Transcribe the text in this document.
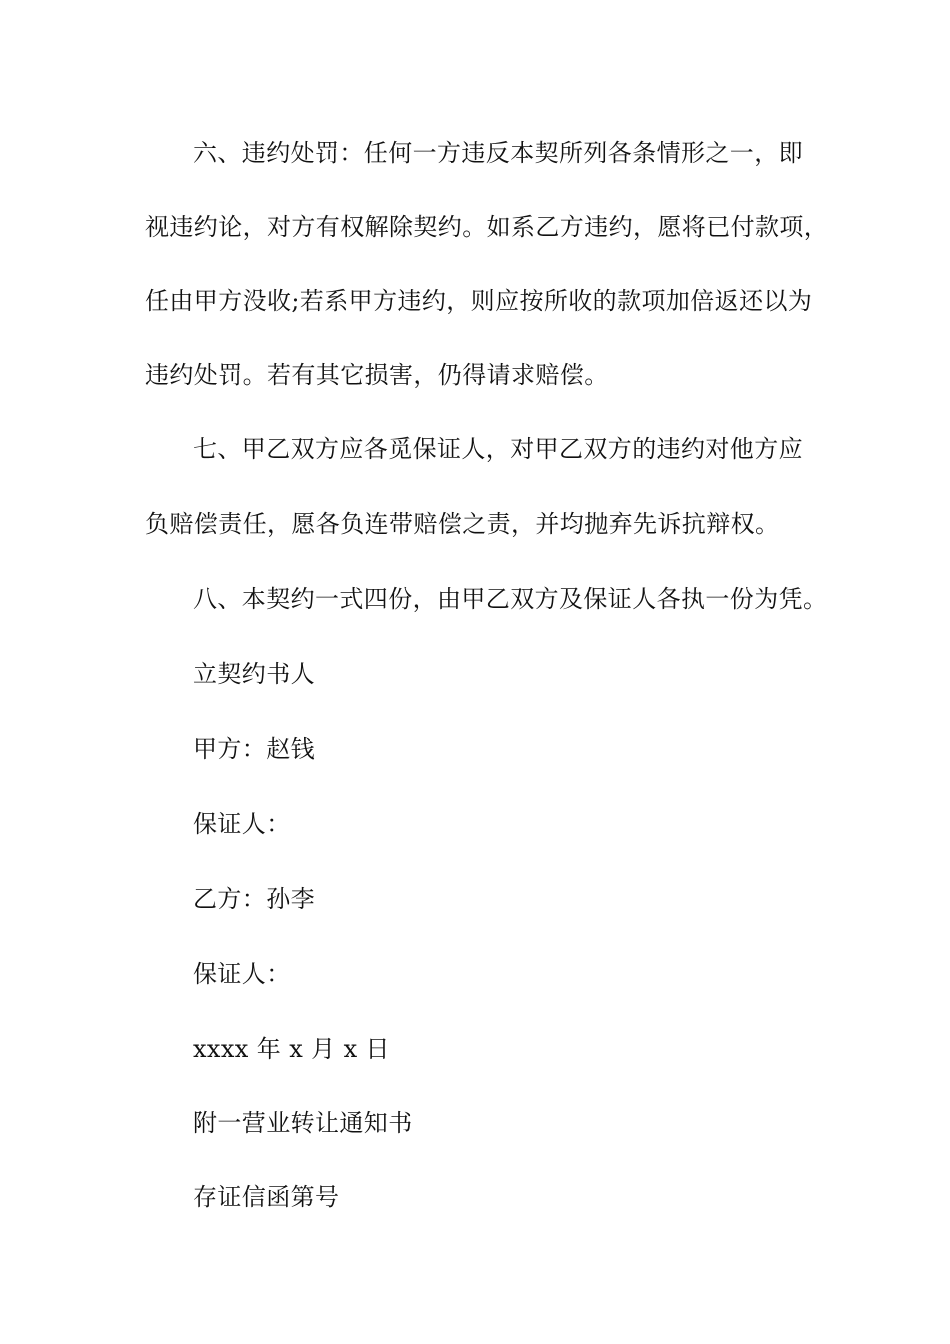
六、违约处罚：任何一方违反本契所列各条情形之一，即
视违约论，对方有权解除契约。如系乙方违约，愿将已付款项，
任由甲方没收;若系甲方违约，则应按所收的款项加倍返还以为
违约处罚。若有其它损害，仍得请求赔偿。
七、甲乙双方应各觅保证人，对甲乙双方的违约对他方应
负赔偿责任，愿各负连带赔偿之责，并均抛弃先诉抗辩权。
八、本契约一式四份，由甲乙双方及保证人各执一份为凭。
立契约书人
甲方：赵钱
保证人：
乙方：孙李
保证人：
xxxx 年 x 月 x 日
附一营业转让通知书
存证信函第号
